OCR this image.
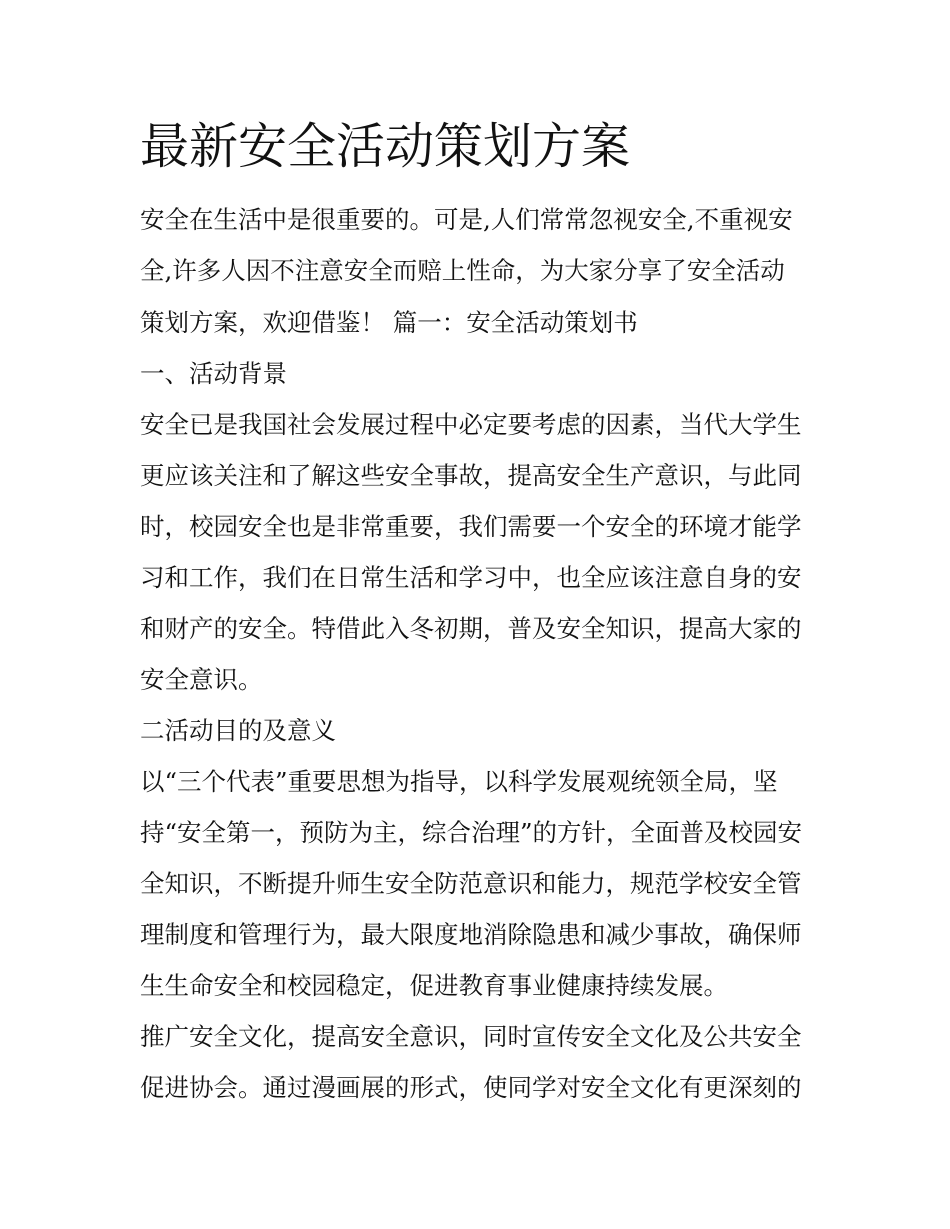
最新安全活动策划方案
安全在生活中是很重要的。可是,人们常常忽视安全,不重视安
全,许多人因不注意安全而赔上性命，为大家分享了安全活动
策划方案，欢迎借鉴！ 篇一：安全活动策划书
一、活动背景
安全已是我国社会发展过程中必定要考虑的因素，当代大学生
更应该关注和了解这些安全事故，提高安全生产意识，与此同
时，校园安全也是非常重要，我们需要一个安全的环境才能学
习和工作，我们在日常生活和学习中，也全应该注意自身的安
和财产的安全。特借此入冬初期，普及安全知识，提高大家的
安全意识。
二活动目的及意义
以“三个代表”重要思想为指导，以科学发展观统领全局，坚
持“安全第一，预防为主，综合治理”的方针，全面普及校园安
全知识，不断提升师生安全防范意识和能力，规范学校安全管
理制度和管理行为，最大限度地消除隐患和减少事故，确保师
生生命安全和校园稳定，促进教育事业健康持续发展。
推广安全文化，提高安全意识，同时宣传安全文化及公共安全
促进协会。通过漫画展的形式，使同学对安全文化有更深刻的
